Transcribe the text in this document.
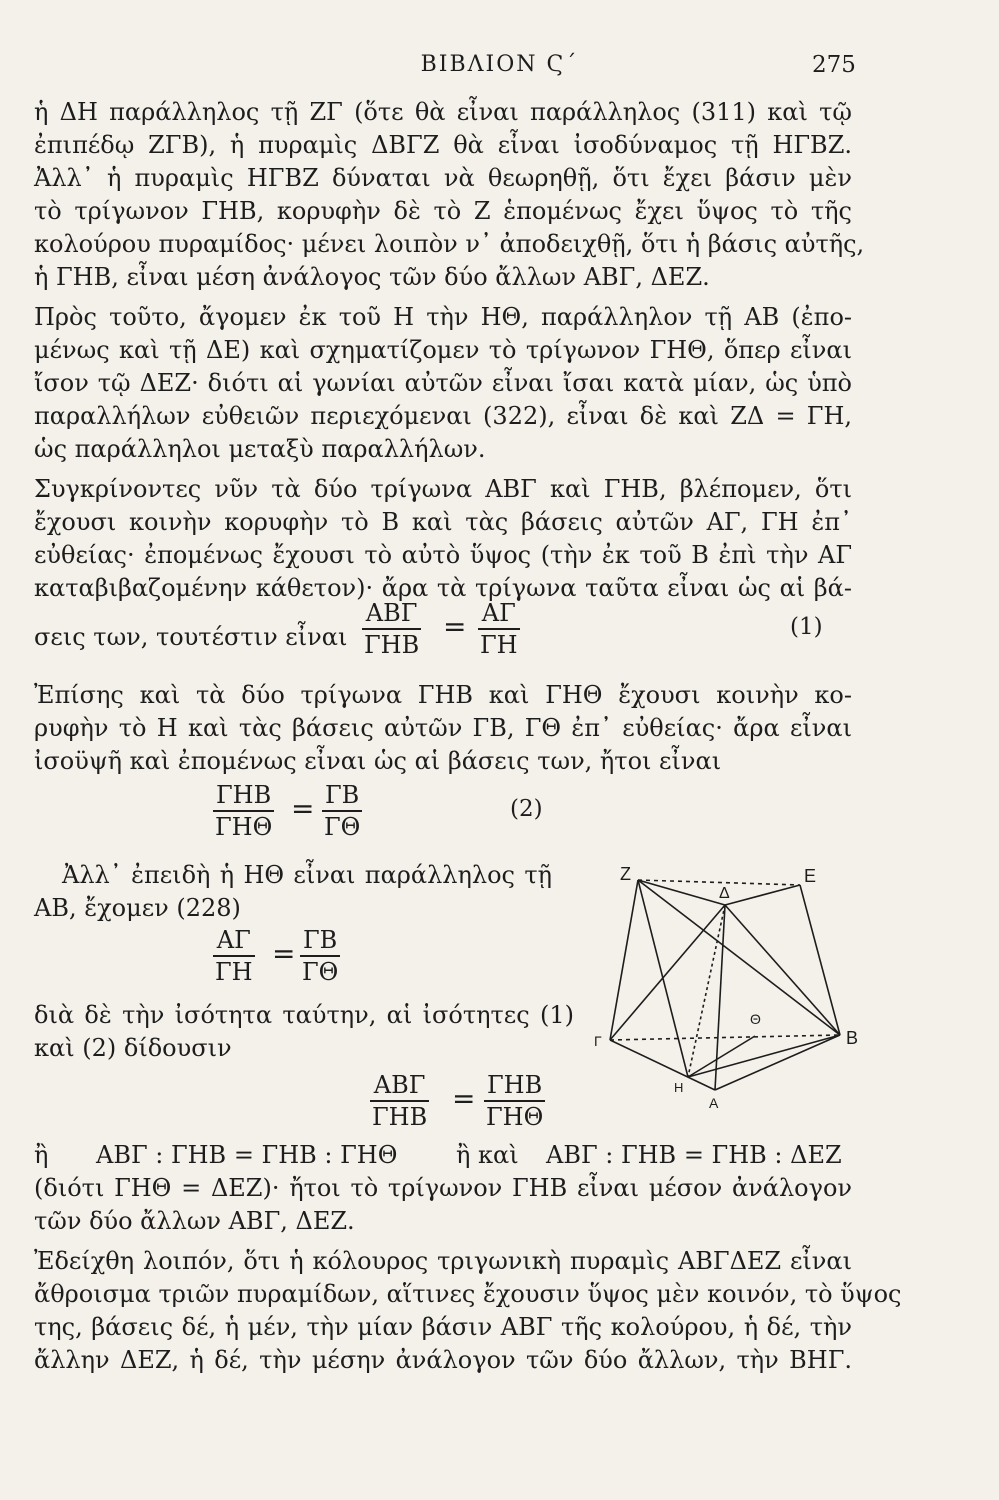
ΒΙΒΛΙΟΝ Ϛ΄	275
ἡ ΔΗ παράλληλος τῇ ΖΓ (ὅτε θὰ εἶναι παράλληλος (311) καὶ τῷ
ἐπιπέδῳ ΖΓΒ), ἡ πυραμὶς ΔΒΓΖ θὰ εἶναι ἰσοδύναμος τῇ ΗΓΒΖ.
Ἀλλ᾽ ἡ πυραμὶς ΗΓΒΖ δύναται νὰ θεωρηθῇ, ὅτι ἔχει βάσιν μὲν
τὸ τρίγωνον ΓΗΒ, κορυφὴν δὲ τὸ Ζ ἑπομένως ἔχει ὕψος τὸ τῆς
κολούρου πυραμίδος· μένει λοιπὸν ν᾽ ἀποδειχθῇ, ὅτι ἡ βάσις αὐτῆς,
ἡ ΓΗΒ, εἶναι μέση ἀνάλογος τῶν δύο ἄλλων ΑΒΓ, ΔΕΖ.
Πρὸς τοῦτο, ἄγομεν ἐκ τοῦ Η τὴν ΗΘ, παράλληλον τῇ ΑΒ (ἐπο-
μένως καὶ τῇ ΔΕ) καὶ σχηματίζομεν τὸ τρίγωνον ΓΗΘ, ὅπερ εἶναι
ἴσον τῷ ΔΕΖ· διότι αἱ γωνίαι αὐτῶν εἶναι ἴσαι κατὰ μίαν, ὡς ὑπὸ
παραλλήλων εὐθειῶν περιεχόμεναι (322), εἶναι δὲ καὶ ΖΔ = ΓΗ,
ὡς παράλληλοι μεταξὺ παραλλήλων.
Συγκρίνοντες νῦν τὰ δύο τρίγωνα ΑΒΓ καὶ ΓΗΒ, βλέπομεν, ὅτι
ἔχουσι κοινὴν κορυφὴν τὸ Β καὶ τὰς βάσεις αὐτῶν ΑΓ, ΓΗ ἐπ᾽
εὐθείας· ἐπομένως ἔχουσι τὸ αὐτὸ ὕψος (τὴν ἐκ τοῦ Β ἐπὶ τὴν ΑΓ
καταβιβαζομένην κάθετον)· ἄρα τὰ τρίγωνα ταῦτα εἶναι ὡς αἱ βά-
σεις των, τουτέστιν εἶναι
ΑΒΓ
ΓΗΒ
= $\frac{A\Gamma}{\Gamma H}$	(1)
Ἐπίσης καὶ τὰ δύο τρίγωνα ΓΗΒ καὶ ΓΗΘ ἔχουσι κοινὴν κο-
ρυφὴν τὸ Η καὶ τὰς βάσεις αὐτῶν ΓΒ, ΓΘ ἐπ᾽ εὐθείας· ἄρα εἶναι
ἰσοϋψῆ καὶ ἐπομένως εἶναι ὡς αἱ βάσεις των, ἤτοι εἶναι
ΓΗΒ
ΓΗΘ
= $\frac{\Gamma B}{\Gamma\Theta}$	(2)
Ἀλλ᾽ ἐπειδὴ ἡ ΗΘ εἶναι παράλληλος τῇ
ΑΒ, ἔχομεν (228)
$\frac{A\Gamma}{\Gamma H} = \frac{\Gamma B}{\Gamma\Theta}$
διὰ δὲ τὴν ἰσότητα ταύτην, αἱ ἰσότητες (1)
καὶ (2) δίδουσιν
ΑΒΓ
ΓΗΒ
= ΓΗΒ
ΓΗΘ
ἢ	ΑΒΓ : ΓΗΒ = ΓΗΒ : ΓΗΘ	ἢ καὶ	ΑΒΓ : ΓΗΒ = ΓΗΒ : ΔΕΖ
(διότι ΓΗΘ = ΔΕΖ)· ἤτοι τὸ τρίγωνον ΓΗΒ εἶναι μέσον ἀνάλογον
τῶν δύο ἄλλων ΑΒΓ, ΔΕΖ.
Ἐδείχθη λοιπόν, ὅτι ἡ κόλουρος τριγωνικὴ πυραμὶς ΑΒΓΔΕΖ εἶναι
ἄθροισμα τριῶν πυραμίδων, αἵτινες ἔχουσιν ὕψος μὲν κοινόν, τὸ ὕψος
της, βάσεις δέ, ἡ μέν, τὴν μίαν βάσιν ΑΒΓ τῆς κολούρου, ἡ δέ, τὴν
ἄλλην ΔΕΖ, ἡ δέ, τὴν μέσην ἀνάλογον τῶν δύο ἄλλων, τὴν ΒΗΓ.
Z	E
Δ
Θ
Γ	B
Η
Α
